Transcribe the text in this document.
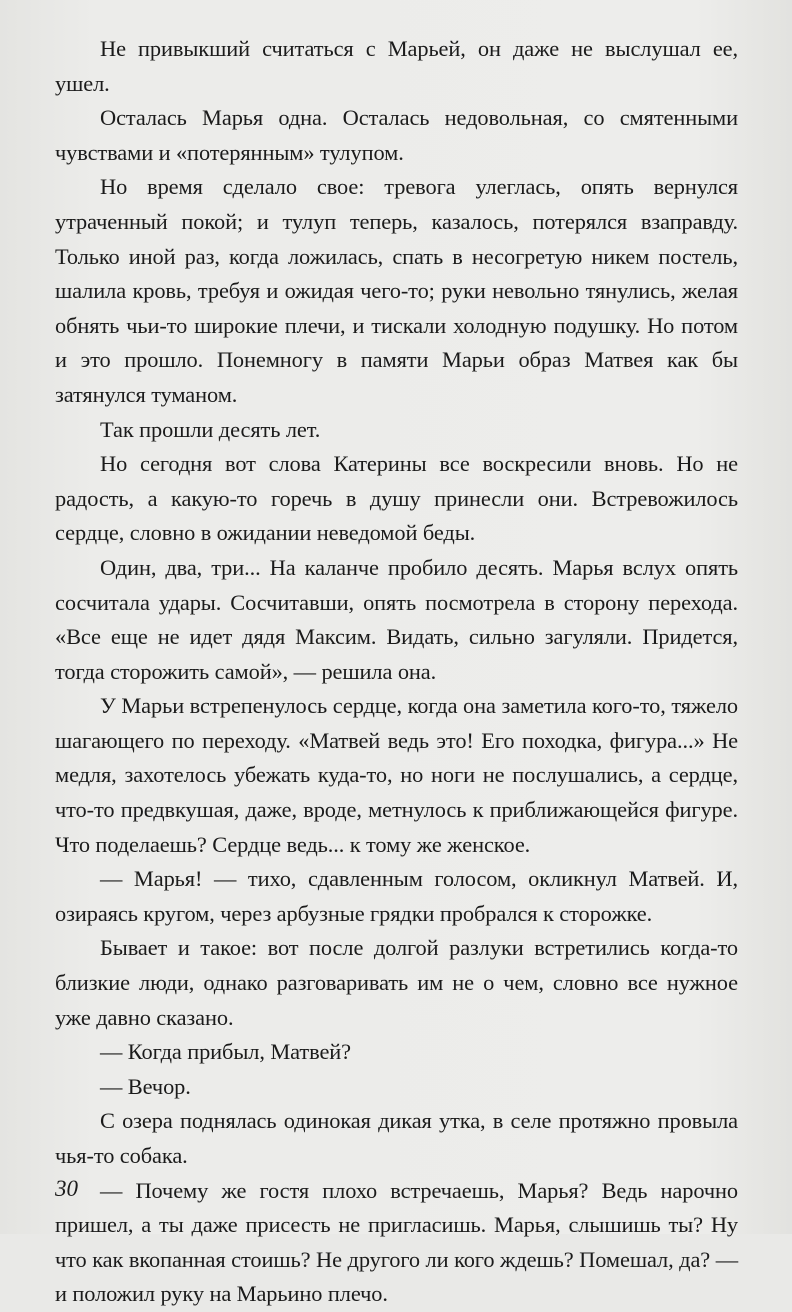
Не привыкший считаться с Марьей, он даже не выслушал ее, ушел.

Осталась Марья одна. Осталась недовольная, со смятенными чувствами и «потерянным» тулупом.

Но время сделало свое: тревога улеглась, опять вернулся утраченный покой; и тулуп теперь, казалось, потерялся взаправду. Только иной раз, когда ложилась, спать в несогретую никем постель, шалила кровь, требуя и ожидая чего-то; руки невольно тянулись, желая обнять чьи-то широкие плечи, и тискали холодную подушку. Но потом и это прошло. Понемногу в памяти Марьи образ Матвея как бы затянулся туманом.

Так прошли десять лет.

Но сегодня вот слова Катерины все воскресили вновь. Но не радость, а какую-то горечь в душу принесли они. Встревожилось сердце, словно в ожидании неведомой беды.

Один, два, три... На каланче пробило десять. Марья вслух опять сосчитала удары. Сосчитавши, опять посмотрела в сторону перехода. «Все еще не идет дядя Максим. Видать, сильно загуляли. Придется, тогда сторожить самой», — решила она.

У Марьи встрепенулось сердце, когда она заметила кого-то, тяжело шагающего по переходу. «Матвей ведь это! Его походка, фигура...» Не медля, захотелось убежать куда-то, но ноги не послушались, а сердце, что-то предвкушая, даже, вроде, метнулось к приближающейся фигуре. Что поделаешь? Сердце ведь... к тому же женское.

— Марья! — тихо, сдавленным голосом, окликнул Матвей. И, озираясь кругом, через арбузные грядки пробрался к сторожке.

Бывает и такое: вот после долгой разлуки встретились когда-то близкие люди, однако разговаривать им не о чем, словно все нужное уже давно сказано.

— Когда прибыл, Матвей?

— Вечор.

С озера поднялась одинокая дикая утка, в селе протяжно провыла чья-то собака.

— Почему же гостя плохо встречаешь, Марья? Ведь нарочно пришел, а ты даже присесть не пригласишь. Марья, слышишь ты? Ну что как вкопанная стоишь? Не другого ли кого ждешь? Помешал, да? — и положил руку на Марьино плечо.

30
